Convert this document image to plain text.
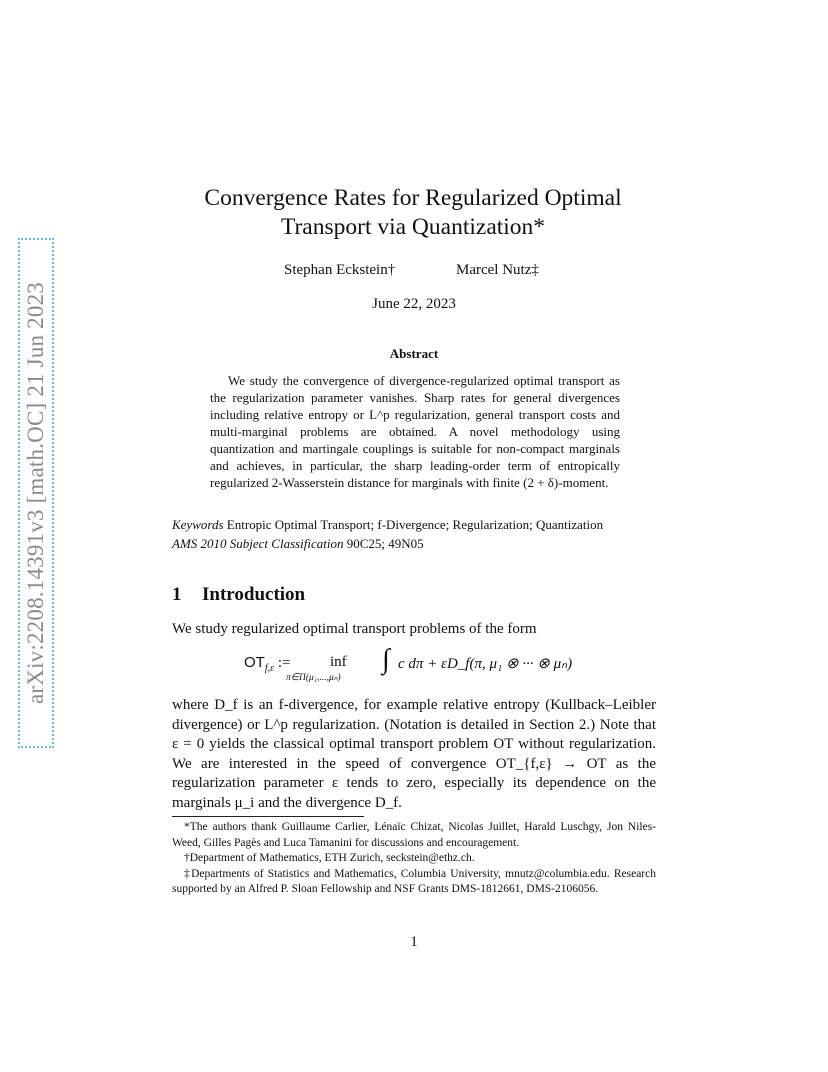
arXiv:2208.14391v3 [math.OC] 21 Jun 2023
Convergence Rates for Regularized Optimal Transport via Quantization*
Stephan Eckstein†	Marcel Nutz‡
June 22, 2023
Abstract
We study the convergence of divergence-regularized optimal transport as the regularization parameter vanishes. Sharp rates for general divergences including relative entropy or L^p regularization, general transport costs and multi-marginal problems are obtained. A novel methodology using quantization and martingale couplings is suitable for non-compact marginals and achieves, in particular, the sharp leading-order term of entropically regularized 2-Wasserstein distance for marginals with finite (2 + δ)-moment.
Keywords Entropic Optimal Transport; f-Divergence; Regularization; Quantization
AMS 2010 Subject Classification 90C25; 49N05
1 Introduction
We study regularized optimal transport problems of the form
$OT_{f,\varepsilon}$ :=	inf
π∈Π(μ₁,...,μₙ)
∫ c dπ + εD_f(π, μ₁ ⊗ ··· ⊗ μₙ)
where D_f is an f-divergence, for example relative entropy (Kullback–Leibler divergence) or L^p regularization. (Notation is detailed in Section 2.) Note that ε = 0 yields the classical optimal transport problem OT without regularization. We are interested in the speed of convergence OT_{f,ε} → OT as the regularization parameter ε tends to zero, especially its dependence on the marginals μ_i and the divergence D_f.

*The authors thank Guillaume Carlier, Lénaïc Chizat, Nicolas Juillet, Harald Luschgy, Jon Niles-Weed, Gilles Pagès and Luca Tamanini for discussions and encouragement.

†Department of Mathematics, ETH Zurich, seckstein@ethz.ch.

‡Departments of Statistics and Mathematics, Columbia University, mnutz@columbia.edu. Research supported by an Alfred P. Sloan Fellowship and NSF Grants DMS-1812661, DMS-2106056.

1
